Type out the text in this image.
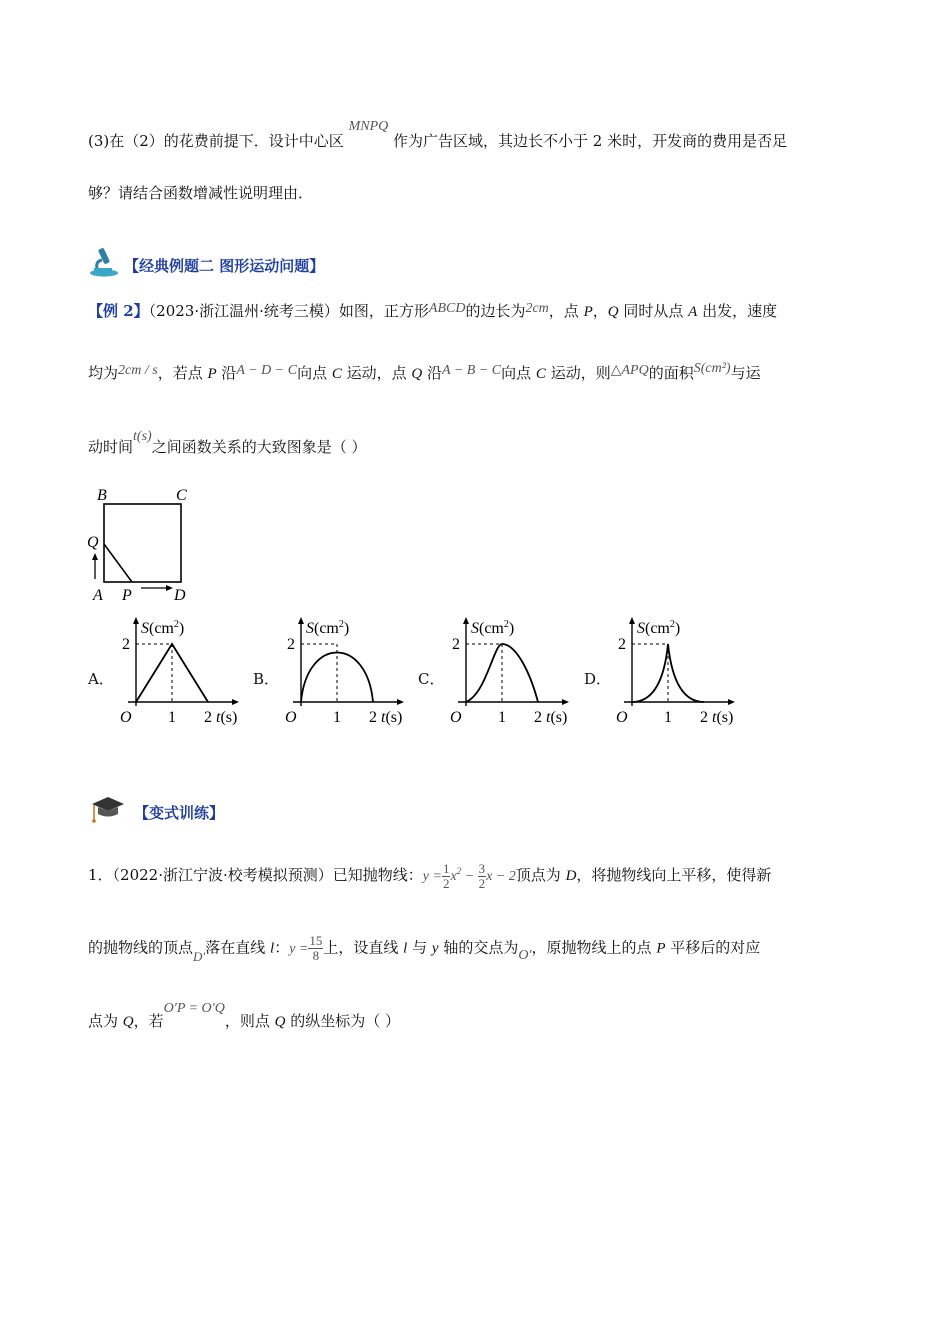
(3)在（2）的花费前提下．设计中心区 MNPQ 作为广告区域，其边长不小于 2 米时，开发商的费用是否足
够？请结合函数增减性说明理由．
【经典例题二 图形运动问题】
【例 2】（2023·浙江温州·统考三模）如图，正方形ABCD的边长为2cm，点 P，Q 同时从点 A 出发，速度
均为2cm / s，若点 P 沿A − D − C向点 C 运动，点 Q 沿A − B − C向点 C 运动，则△APQ的面积S(cm²)与运
动时间t(s)之间函数关系的大致图象是（ ）
B	C
Q
A P	D
A．
$S(cm^2)$
2
O 1 2 t(s)
B．
$S(cm^2)$
2
O 1 2 t(s)
C．
$S(cm^2)$
2
O 1 2 t(s)
D．
$S(cm^2)$
2
O 1 2 t(s)
【变式训练】
1．（2022·浙江宁波·校考模拟预测）已知抛物线：$y = \frac{1}{2} x^2 - \frac{3}{2}$ x − 2顶点为 D，将抛物线向上平移，使得新
的抛物线的顶点D′落在直线 l：$y = \frac{15}{8}$ 上，设直线 l 与 y 轴的交点为O′，原抛物线上的点 P 平移后的对应
点为 Q，若O′P = O′Q，则点 Q 的纵坐标为（ ）
